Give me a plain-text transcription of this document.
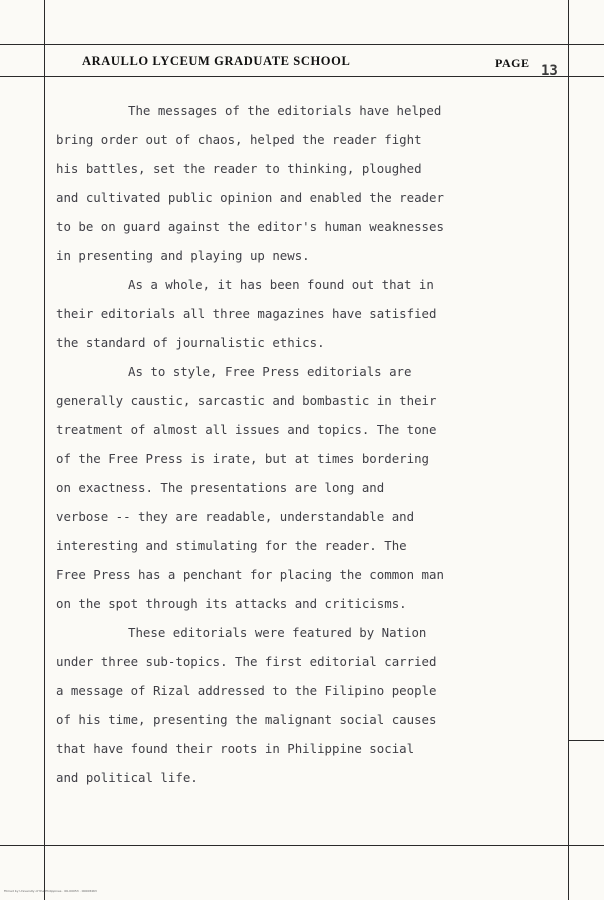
ARAULLO LYCEUM GRADUATE SCHOOL	PAGE 13
The messages of the editorials have helped
bring order out of chaos, helped the reader fight
his battles, set the reader to thinking, ploughed
and cultivated public opinion and enabled the reader
to be on guard against the editor's human weaknesses
in presenting and playing up news.
As a whole, it has been found out that in
their editorials all three magazines have satisfied
the standard of journalistic ethics.
As to style, Free Press editorials are
generally caustic, sarcastic and bombastic in their
treatment of almost all issues and topics. The tone
of the Free Press is irate, but at times bordering
on exactness. The presentations are long and
verbose -- they are readable, understandable and
interesting and stimulating for the reader. The
Free Press has a penchant for placing the common man
on the spot through its attacks and criticisms.
These editorials were featured by Nation
under three sub-topics. The first editorial carried
a message of Rizal addressed to the Filipino people
of his time, presenting the malignant social causes
that have found their roots in Philippine social
and political life.
Filmed by University of the Philippines · 06-00053 · 00008463
